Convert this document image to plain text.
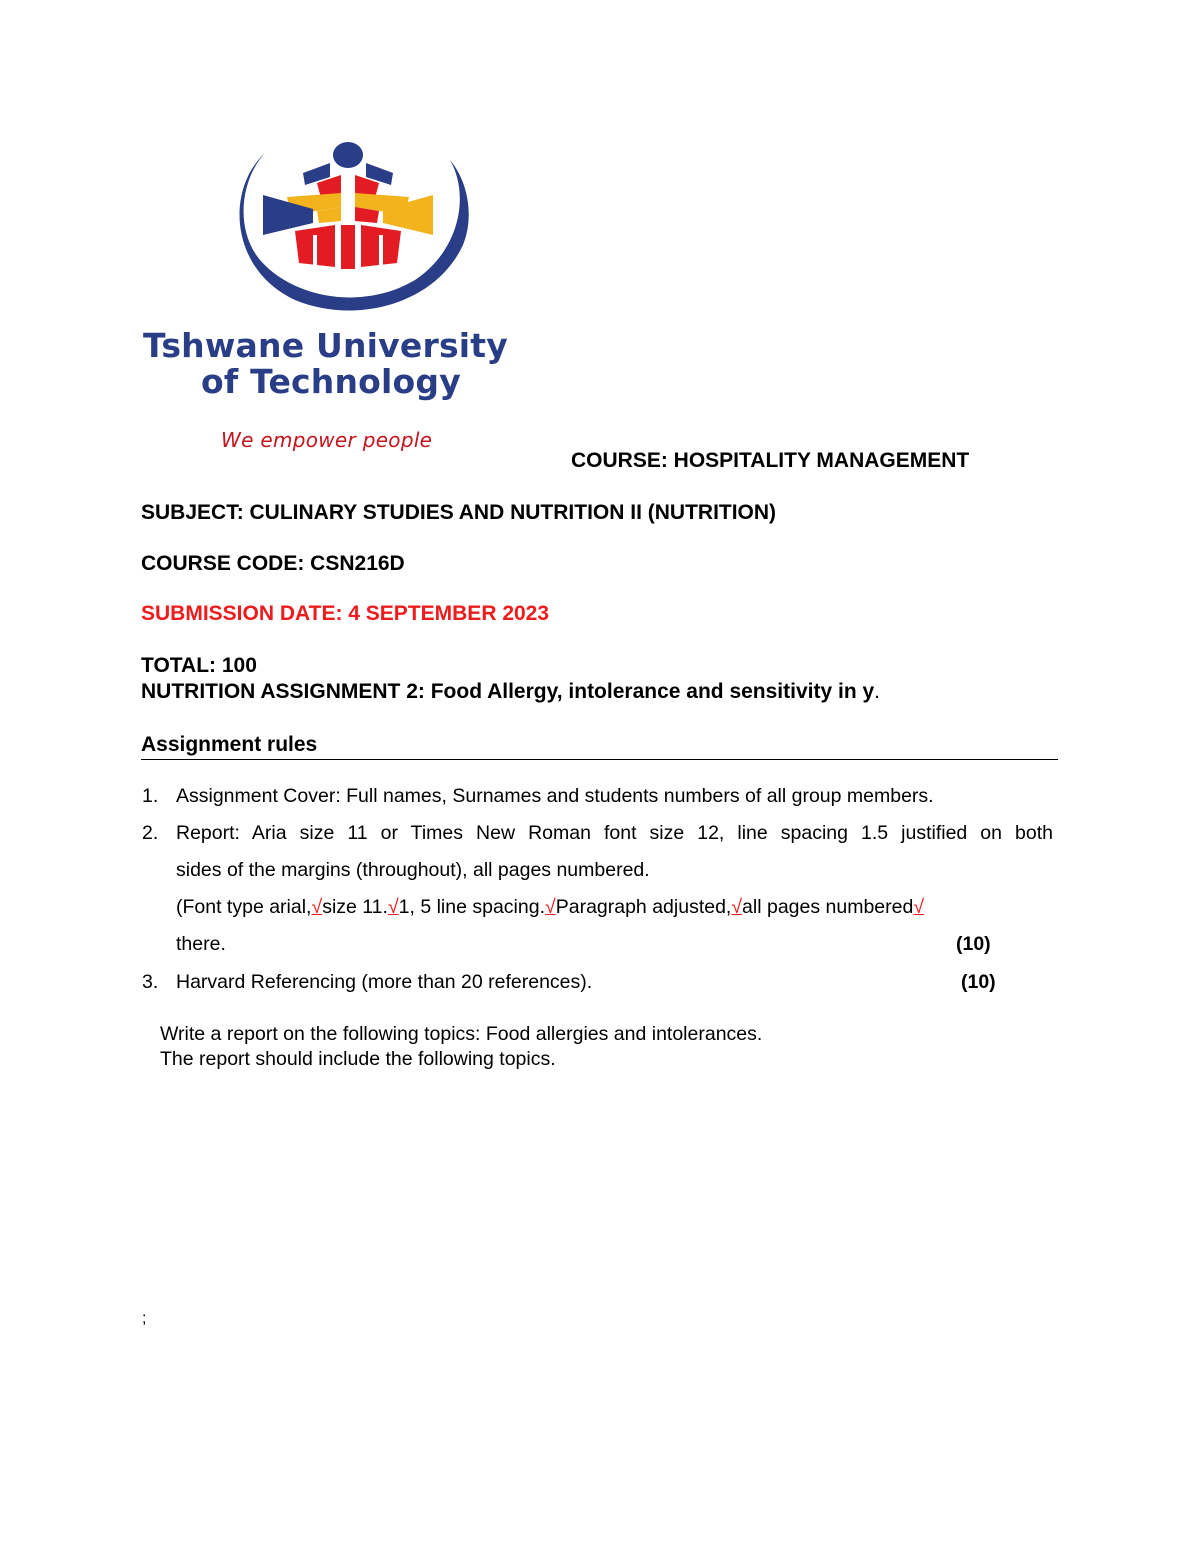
Tshwane University
of Technology
We empower people
COURSE: HOSPITALITY MANAGEMENT
SUBJECT: CULINARY STUDIES AND NUTRITION II (NUTRITION)
COURSE CODE: CSN216D
SUBMISSION DATE: 4 SEPTEMBER 2023
TOTAL: 100
NUTRITION ASSIGNMENT 2: Food Allergy, intolerance and sensitivity in y.
Assignment rules
1. Assignment Cover: Full names, Surnames and students numbers of all group members.
2. Report: Aria size 11 or Times New Roman font size 12, line spacing 1.5 justified on both
sides of the margins (throughout), all pages numbered.
(Font type arial,√size 11.√1, 5 line spacing.√Paragraph adjusted,√all pages numbered√
there.	(10)
3. Harvard Referencing (more than 20 references).	(10)
Write a report on the following topics: Food allergies and intolerances.
The report should include the following topics.
;
